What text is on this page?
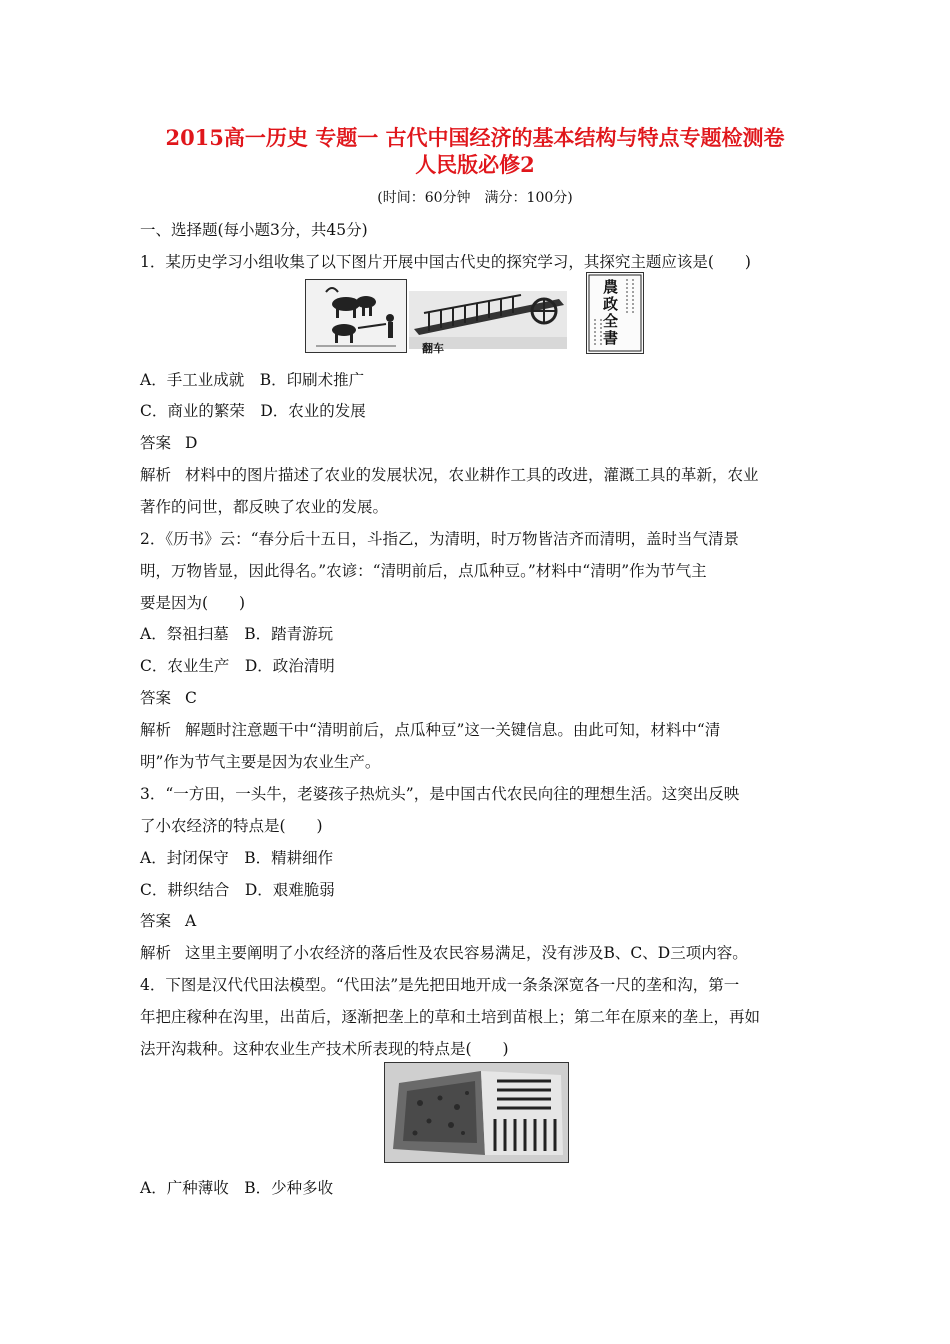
2015高一历史 专题一 古代中国经济的基本结构与特点专题检测卷
人民版必修2
(时间：60分钟　满分：100分)
一、选择题(每小题3分，共45分)
1．某历史学习小组收集了以下图片开展中国古代史的探究学习，其探究主题应该是(　　)
翻车
農政全書
A．手工业成就　B．印刷术推广
C．商业的繁荣　D．农业的发展
答案 D
解析 材料中的图片描述了农业的发展状况，农业耕作工具的改进，灌溉工具的革新，农业
著作的问世，都反映了农业的发展。
2．《历书》云：“春分后十五日，斗指乙，为清明，时万物皆洁齐而清明，盖时当气清景
明，万物皆显，因此得名。”农谚：“清明前后，点瓜种豆。”材料中“清明”作为节气主
要是因为(　　)
A．祭祖扫墓　B．踏青游玩
C．农业生产　D．政治清明
答案 C
解析 解题时注意题干中“清明前后，点瓜种豆”这一关键信息。由此可知，材料中“清
明”作为节气主要是因为农业生产。
3．“一方田，一头牛，老婆孩子热炕头”，是中国古代农民向往的理想生活。这突出反映
了小农经济的特点是(　　)
A．封闭保守　B．精耕细作
C．耕织结合　D．艰难脆弱
答案 A
解析 这里主要阐明了小农经济的落后性及农民容易满足，没有涉及B、C、D三项内容。
4．下图是汉代代田法模型。“代田法”是先把田地开成一条条深宽各一尺的垄和沟，第一
年把庄稼种在沟里，出苗后，逐渐把垄上的草和土培到苗根上；第二年在原来的垄上，再如
法开沟栽种。这种农业生产技术所表现的特点是(　　)
A．广种薄收　B．少种多收
